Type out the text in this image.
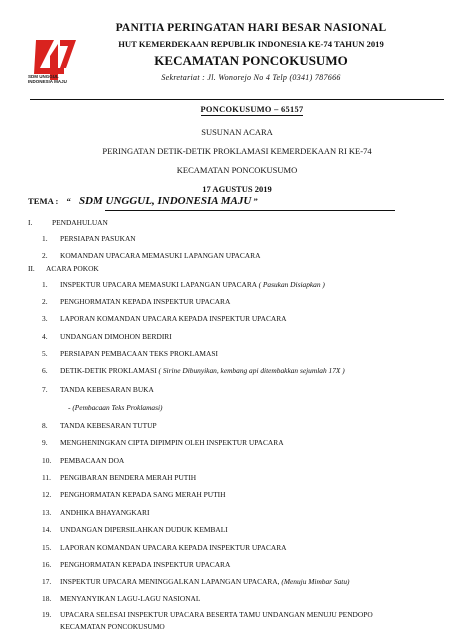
SDM UNGGUL
INDONESIA MAJU
PANITIA PERINGATAN HARI BESAR NASIONAL
HUT KEMERDEKAAN REPUBLIK INDONESIA KE-74 TAHUN 2019
KECAMATAN PONCOKUSUMO
Sekretariat : Jl. Wonorejo No 4 Telp (0341) 787666
PONCOKUSUMO – 65157
SUSUNAN ACARA
PERINGATAN DETIK-DETIK PROKLAMASI KEMERDEKAAN RI KE-74
KECAMATAN PONCOKUSUMO
17 AGUSTUS 2019
TEMA : “ SDM UNGGUL, INDONESIA MAJU ”
I.	PENDAHULUAN
1. PERSIAPAN PASUKAN
2. KOMANDAN UPACARA MEMASUKI LAPANGAN UPACARA
II. ACARA POKOK
1. INSPEKTUR UPACARA MEMASUKI LAPANGAN UPACARA ( Pasukan Disiapkan )
2. PENGHORMATAN KEPADA INSPEKTUR UPACARA
3. LAPORAN KOMANDAN UPACARA KEPADA INSPEKTUR UPACARA
4. UNDANGAN DIMOHON BERDIRI
5. PERSIAPAN PEMBACAAN TEKS PROKLAMASI
6. DETIK-DETIK PROKLAMASI ( Sirine Dibunyikan, kembang api ditembakkan sejumlah 17X )
7. TANDA KEBESARAN BUKA
- (Pembacaan Teks Proklamasi)
8. TANDA KEBESARAN TUTUP
9. MENGHENINGKAN CIPTA DIPIMPIN OLEH INSPEKTUR UPACARA
10. PEMBACAAN DOA
11. PENGIBARAN BENDERA MERAH PUTIH
12. PENGHORMATAN KEPADA SANG MERAH PUTIH
13. ANDHIKA BHAYANGKARI
14. UNDANGAN DIPERSILAHKAN DUDUK KEMBALI
15. LAPORAN KOMANDAN UPACARA KEPADA INSPEKTUR UPACARA
16. PENGHORMATAN KEPADA INSPEKTUR UPACARA
17. INSPEKTUR UPACARA MENINGGALKAN LAPANGAN UPACARA, (Menuju Mimbar Satu)
18. MENYANYIKAN LAGU-LAGU NASIONAL
19. UPACARA SELESAI INSPEKTUR UPACARA BESERTA TAMU UNDANGAN MENUJU PENDOPO
KECAMATAN PONCOKUSUMO
